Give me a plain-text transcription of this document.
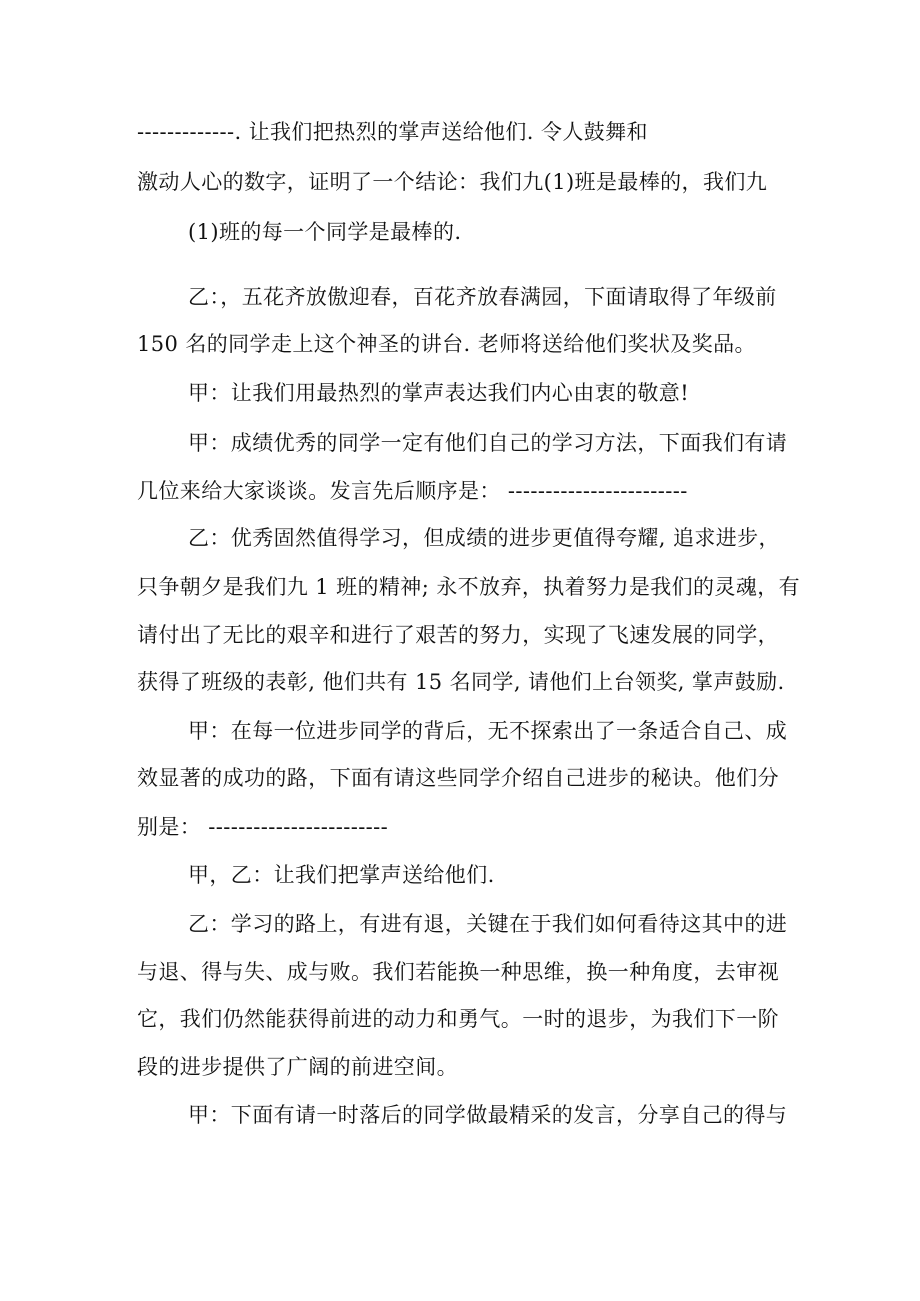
-------------. 让我们把热烈的掌声送给他们. 令人鼓舞和
激动人心的数字，证明了一个结论：我们九(1)班是最棒的，我们九
(1)班的每一个同学是最棒的.
乙：，五花齐放傲迎春，百花齐放春满园，下面请取得了年级前
150 名的同学走上这个神圣的讲台. 老师将送给他们奖状及奖品。
甲：让我们用最热烈的掌声表达我们内心由衷的敬意!
甲：成绩优秀的同学一定有他们自己的学习方法，下面我们有请
几位来给大家谈谈。发言先后顺序是： ------------------------
乙：优秀固然值得学习，但成绩的进步更值得夸耀, 追求进步，
只争朝夕是我们九 1 班的精神; 永不放弃，执着努力是我们的灵魂，有
请付出了无比的艰辛和进行了艰苦的努力，实现了飞速发展的同学，
获得了班级的表彰, 他们共有 15 名同学, 请他们上台领奖, 掌声鼓励.
甲：在每一位进步同学的背后，无不探索出了一条适合自己、成
效显著的成功的路，下面有请这些同学介绍自己进步的秘诀。他们分
别是： ------------------------
甲，乙：让我们把掌声送给他们.
乙：学习的路上，有进有退，关键在于我们如何看待这其中的进
与退、得与失、成与败。我们若能换一种思维，换一种角度，去审视
它，我们仍然能获得前进的动力和勇气。一时的退步，为我们下一阶
段的进步提供了广阔的前进空间。
甲：下面有请一时落后的同学做最精采的发言，分享自己的得与
